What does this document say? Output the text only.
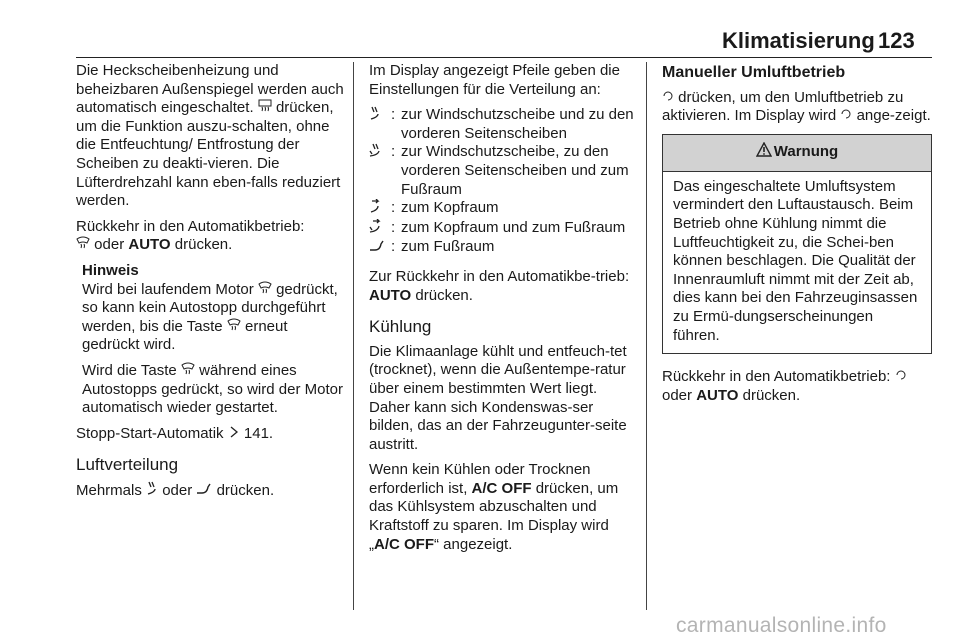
Klimatisierung 123

Die Heckscheibenheizung und beheizbaren Außenspiegel werden auch automatisch eingeschaltet. drücken, um die Funktion auszu-schalten, ohne die Entfeuchtung/ Entfrostung der Scheiben zu deakti-vieren. Die Lüfterdrehzahl kann eben-falls reduziert werden.

Rückkehr in den Automatikbetrieb:
oder AUTO drücken.

Hinweis
Wird bei laufendem Motor gedrückt, so kann kein Autostopp durchgeführt werden, bis die Taste erneut gedrückt wird.

Wird die Taste während eines Autostopps gedrückt, so wird der Motor automatisch wieder gestartet.

Stopp-Start-Automatik 141.

Luftverteilung

Mehrmals oder drücken.

Im Display angezeigt Pfeile geben die Einstellungen für die Verteilung an:

: zur Windschutzscheibe und zu den vorderen Seitenscheiben
: zur Windschutzscheibe, zu den vorderen Seitenscheiben und zum Fußraum
: zum Kopfraum
: zum Kopfraum und zum Fußraum
: zum Fußraum

Zur Rückkehr in den Automatikbe-trieb: AUTO drücken.

Kühlung

Die Klimaanlage kühlt und entfeuch-tet (trocknet), wenn die Außentempe-ratur über einem bestimmten Wert liegt. Daher kann sich Kondenswas-ser bilden, das an der Fahrzeugunter-seite austritt.

Wenn kein Kühlen oder Trocknen erforderlich ist, A/C OFF drücken, um das Kühlsystem abzuschalten und Kraftstoff zu sparen. Im Display wird
„A/C OFF“ angezeigt.

Manueller Umluftbetrieb

drücken, um den Umluftbetrieb zu aktivieren. Im Display wird ange-zeigt.

Warnung
Das eingeschaltete Umluftsystem vermindert den Luftaustausch. Beim Betrieb ohne Kühlung nimmt die Luftfeuchtigkeit zu, die Schei-ben können beschlagen. Die Qualität der Innenraumluft nimmt mit der Zeit ab, dies kann bei den Fahrzeuginsassen zu Ermü-dungserscheinungen führen.

Rückkehr in den Automatikbetrieb:
oder AUTO drücken.

carmanualsonline.info
